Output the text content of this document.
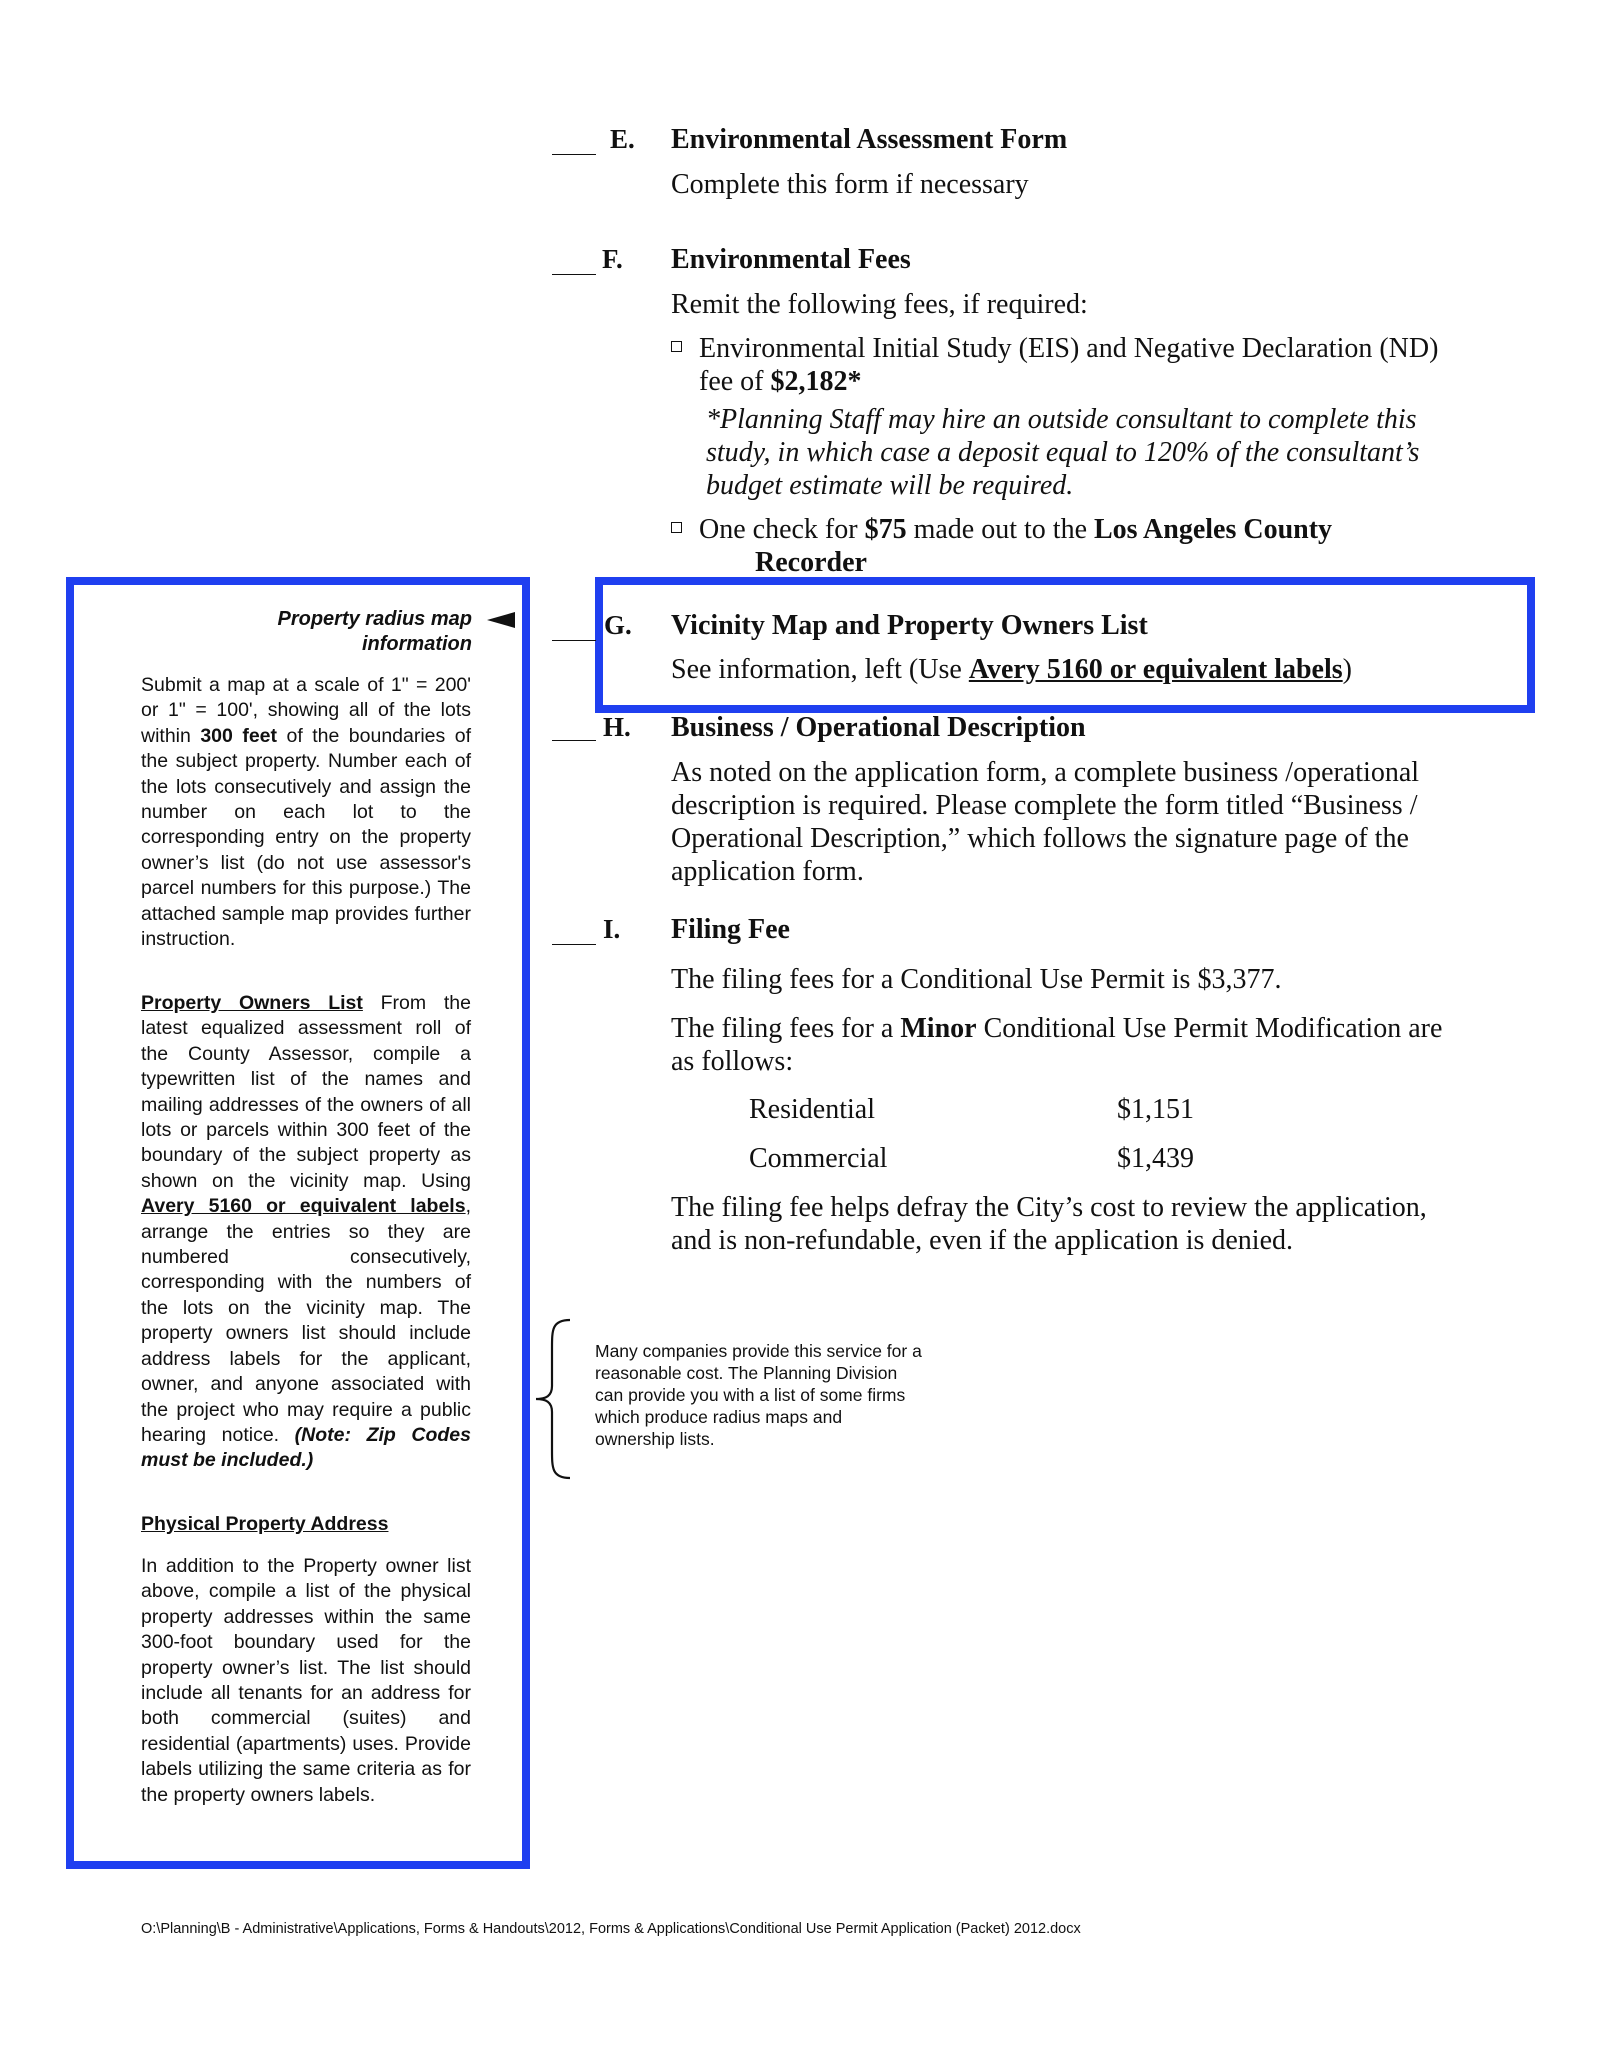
E. Environmental Assessment Form
Complete this form if necessary
F. Environmental Fees
Remit the following fees, if required:
Environmental Initial Study (EIS) and Negative Declaration (ND) fee of $2,182*
*Planning Staff may hire an outside consultant to complete this study, in which case a deposit equal to 120% of the consultant’s budget estimate will be required.
One check for $75 made out to the Los Angeles County
Recorder
G. Vicinity Map and Property Owners List
See information, left (Use Avery 5160 or equivalent labels)
H. Business / Operational Description
As noted on the application form, a complete business /operational description is required. Please complete the form titled “Business / Operational Description,” which follows the signature page of the application form.
I. Filing Fee
The filing fees for a Conditional Use Permit is $3,377.
The filing fees for a Minor Conditional Use Permit Modification are as follows:
Residential	$1,151
Commercial	$1,439
The filing fee helps defray the City’s cost to review the application, and is non-refundable, even if the application is denied.
Property radius map
information
Submit a map at a scale of 1" = 200' or 1" = 100', showing all of the lots within 300 feet of the boundaries of the subject property. Number each of the lots consecutively and assign the number on each lot to the corresponding entry on the property owner’s list (do not use assessor's parcel numbers for this purpose.) The attached sample map provides further instruction.
Property Owners List From the latest equalized assessment roll of the County Assessor, compile a typewritten list of the names and mailing addresses of the owners of all lots or parcels within 300 feet of the boundary of the subject property as shown on the vicinity map. Using Avery 5160 or equivalent labels, arrange the entries so they are numbered consecutively, corresponding with the numbers of the lots on the vicinity map. The property owners list should include address labels for the applicant, owner, and anyone associated with the project who may require a public hearing notice. (Note: Zip Codes must be included.)
Physical Property Address
In addition to the Property owner list above, compile a list of the physical property addresses within the same 300-foot boundary used for the property owner’s list. The list should include all tenants for an address for both commercial (suites) and residential (apartments) uses. Provide labels utilizing the same criteria as for the property owners labels.
Many companies provide this service for a reasonable cost. The Planning Division can provide you with a list of some firms which produce radius maps and ownership lists.
O:\Planning\B - Administrative\Applications, Forms & Handouts\2012, Forms & Applications\Conditional Use Permit Application (Packet) 2012.docx
